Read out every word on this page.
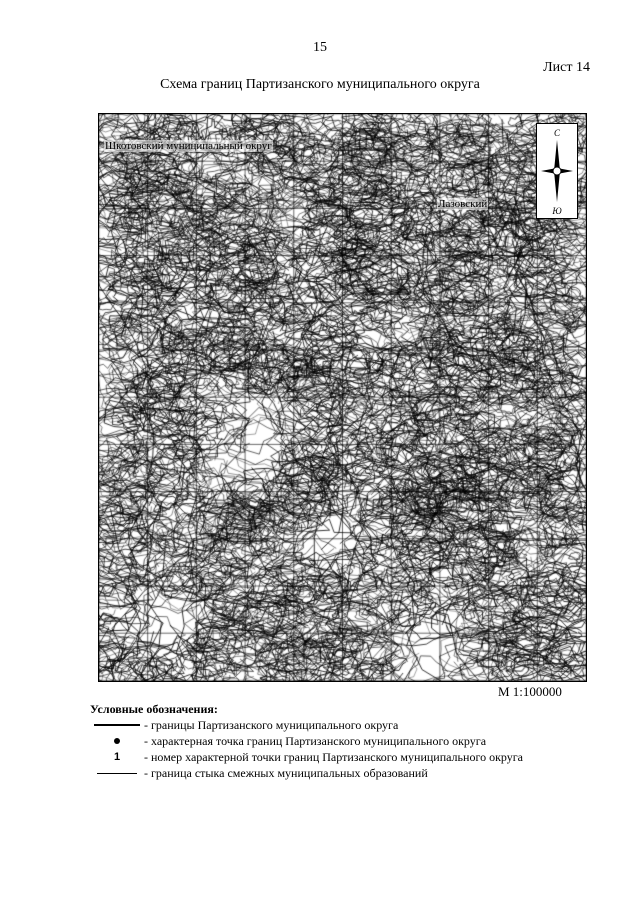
15
Лист 14
Схема границ Партизанского муниципального округа
Шкотовский муниципальный округ
Лазовский
С
Ю
М 1:100000
Условные обозначения:
- границы Партизанского муниципального округа
- характерная точка границ Партизанского муниципального округа
1	- номер характерной точки границ Партизанского муниципального округа
- граница стыка смежных муниципальных образований
